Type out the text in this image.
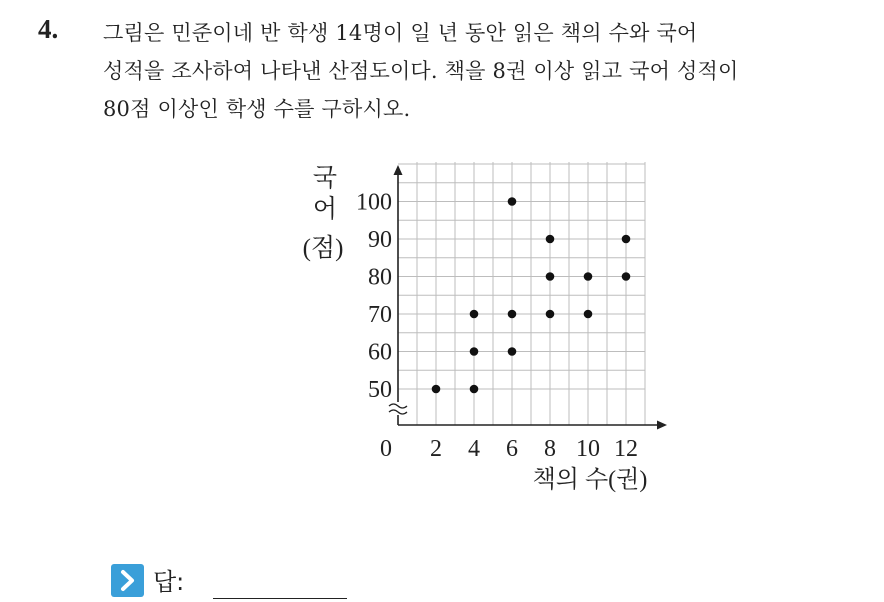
4. 그림은 민준이네 반 학생 14명이 일 년 동안 읽은 책의 수와 국어
성적을 조사하여 나타낸 산점도이다. 책을 8권 이상 읽고 국어 성적이
80점 이상인 학생 수를 구하시오.
2 4 6 8 10 12
50
60
70
80
90
100
0
국
어
(점)
책의 수(권)
답:
